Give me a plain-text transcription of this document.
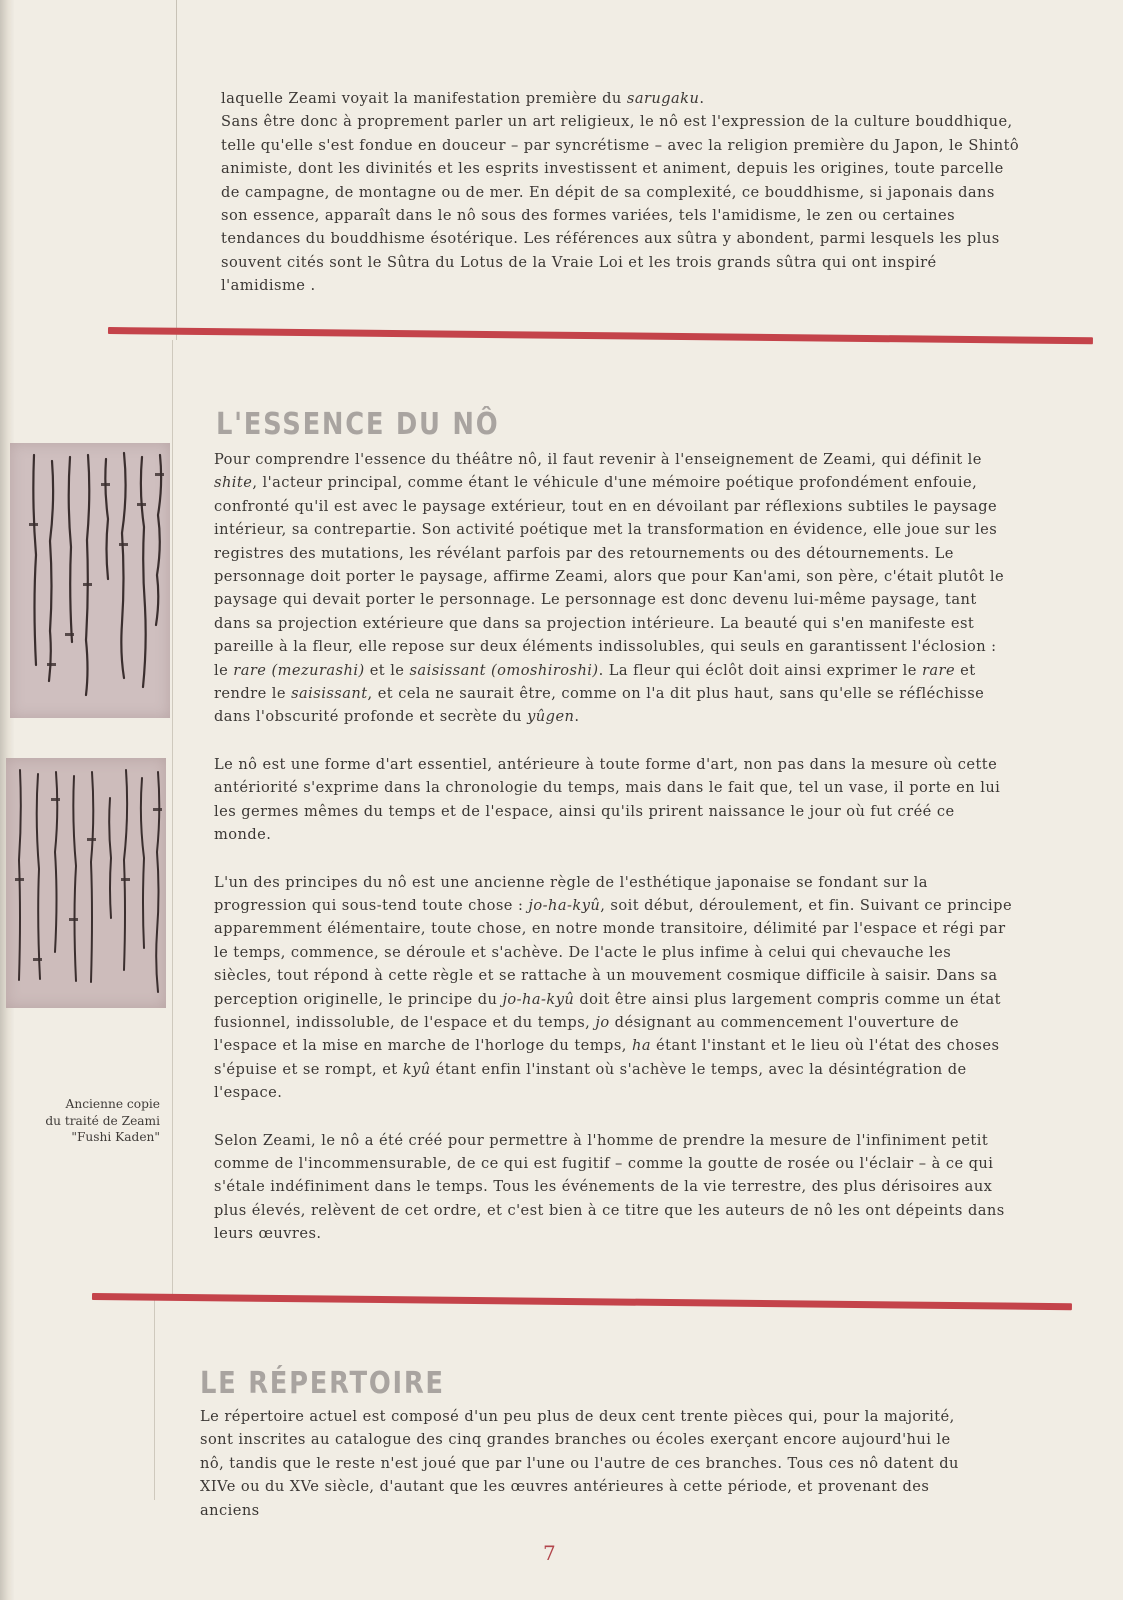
laquelle Zeami voyait la manifestation première du sarugaku.
Sans être donc à proprement parler un art religieux, le nô est l'expression de la culture bouddhique, telle qu'elle s'est fondue en douceur – par syncrétisme – avec la religion première du Japon, le Shintô animiste, dont les divinités et les esprits investissent et animent, depuis les origines, toute parcelle de campagne, de montagne ou de mer. En dépit de sa complexité, ce bouddhisme, si japonais dans son essence, apparaît dans le nô sous des formes variées, tels l'amidisme, le zen ou certaines tendances du bouddhisme ésotérique. Les références aux sûtra y abondent, parmi lesquels les plus souvent cités sont le Sûtra du Lotus de la Vraie Loi et les trois grands sûtra qui ont inspiré l'amidisme .

L'ESSENCE DU NÔ

Pour comprendre l'essence du théâtre nô, il faut revenir à l'enseignement de Zeami, qui définit le shite, l'acteur principal, comme étant le véhicule d'une mémoire poétique profondément enfouie, confronté qu'il est avec le paysage extérieur, tout en en dévoilant par réflexions subtiles le paysage intérieur, sa contrepartie. Son activité poétique met la transformation en évidence, elle joue sur les registres des mutations, les révélant parfois par des retournements ou des détournements. Le personnage doit porter le paysage, affirme Zeami, alors que pour Kan'ami, son père, c'était plutôt le paysage qui devait porter le personnage. Le personnage est donc devenu lui-même paysage, tant dans sa projection extérieure que dans sa projection intérieure. La beauté qui s'en manifeste est pareille à la fleur, elle repose sur deux éléments indissolubles, qui seuls en garantissent l'éclosion : le rare (mezurashi) et le saisissant (omoshiroshi). La fleur qui éclôt doit ainsi exprimer le rare et rendre le saisissant, et cela ne saurait être, comme on l'a dit plus haut, sans qu'elle se réfléchisse dans l'obscurité profonde et secrète du yûgen.

Le nô est une forme d'art essentiel, antérieure à toute forme d'art, non pas dans la mesure où cette antériorité s'exprime dans la chronologie du temps, mais dans le fait que, tel un vase, il porte en lui les germes mêmes du temps et de l'espace, ainsi qu'ils prirent naissance le jour où fut créé ce monde.

L'un des principes du nô est une ancienne règle de l'esthétique japonaise se fondant sur la progression qui sous-tend toute chose : jo-ha-kyû, soit début, déroulement, et fin. Suivant ce principe apparemment élémentaire, toute chose, en notre monde transitoire, délimité par l'espace et régi par le temps, commence, se déroule et s'achève. De l'acte le plus infime à celui qui chevauche les siècles, tout répond à cette règle et se rattache à un mouvement cosmique difficile à saisir. Dans sa perception originelle, le principe du jo-ha-kyû doit être ainsi plus largement compris comme un état fusionnel, indissoluble, de l'espace et du temps, jo désignant au commencement l'ouverture de l'espace et la mise en marche de l'horloge du temps, ha étant l'instant et le lieu où l'état des choses s'épuise et se rompt, et kyû étant enfin l'instant où s'achève le temps, avec la désintégration de l'espace.

Selon Zeami, le nô a été créé pour permettre à l'homme de prendre la mesure de l'infiniment petit comme de l'incommensurable, de ce qui est fugitif – comme la goutte de rosée ou l'éclair – à ce qui s'étale indéfiniment dans le temps. Tous les événements de la vie terrestre, des plus dérisoires aux plus élevés, relèvent de cet ordre, et c'est bien à ce titre que les auteurs de nô les ont dépeints dans leurs œuvres.

Ancienne copie
du traité de Zeami
"Fushi Kaden"

LE RÉPERTOIRE

Le répertoire actuel est composé d'un peu plus de deux cent trente pièces qui, pour la majorité, sont inscrites au catalogue des cinq grandes branches ou écoles exerçant encore aujourd'hui le nô, tandis que le reste n'est joué que par l'une ou l'autre de ces branches. Tous ces nô datent du XIVe ou du XVe siècle, d'autant que les œuvres antérieures à cette période, et provenant des anciens

7
